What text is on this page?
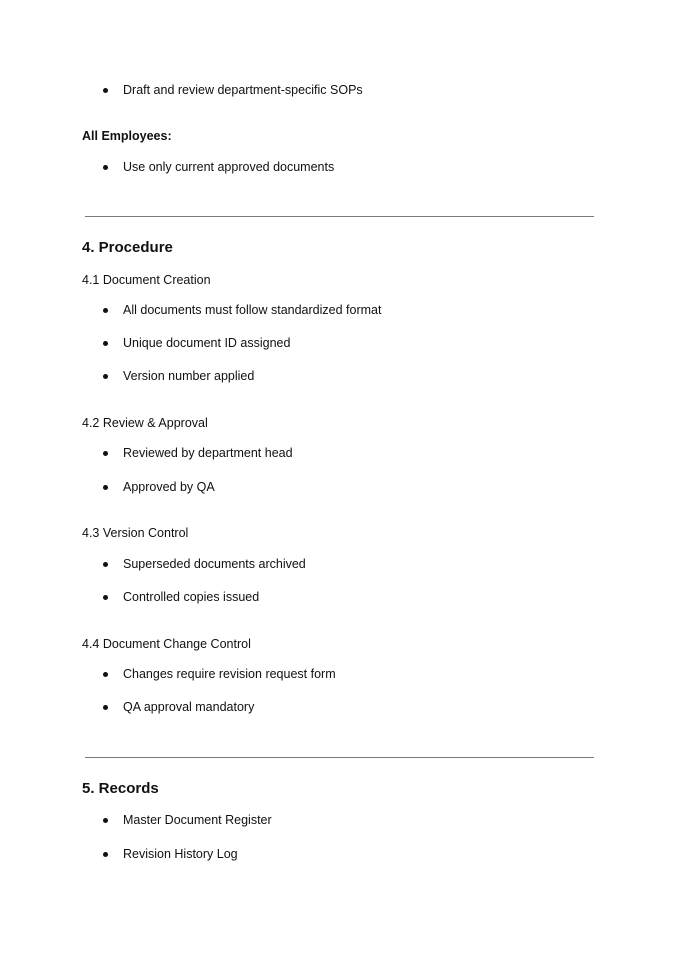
Draft and review department-specific SOPs
All Employees:
Use only current approved documents
4. Procedure
4.1 Document Creation
All documents must follow standardized format
Unique document ID assigned
Version number applied
4.2 Review & Approval
Reviewed by department head
Approved by QA
4.3 Version Control
Superseded documents archived
Controlled copies issued
4.4 Document Change Control
Changes require revision request form
QA approval mandatory
5. Records
Master Document Register
Revision History Log
